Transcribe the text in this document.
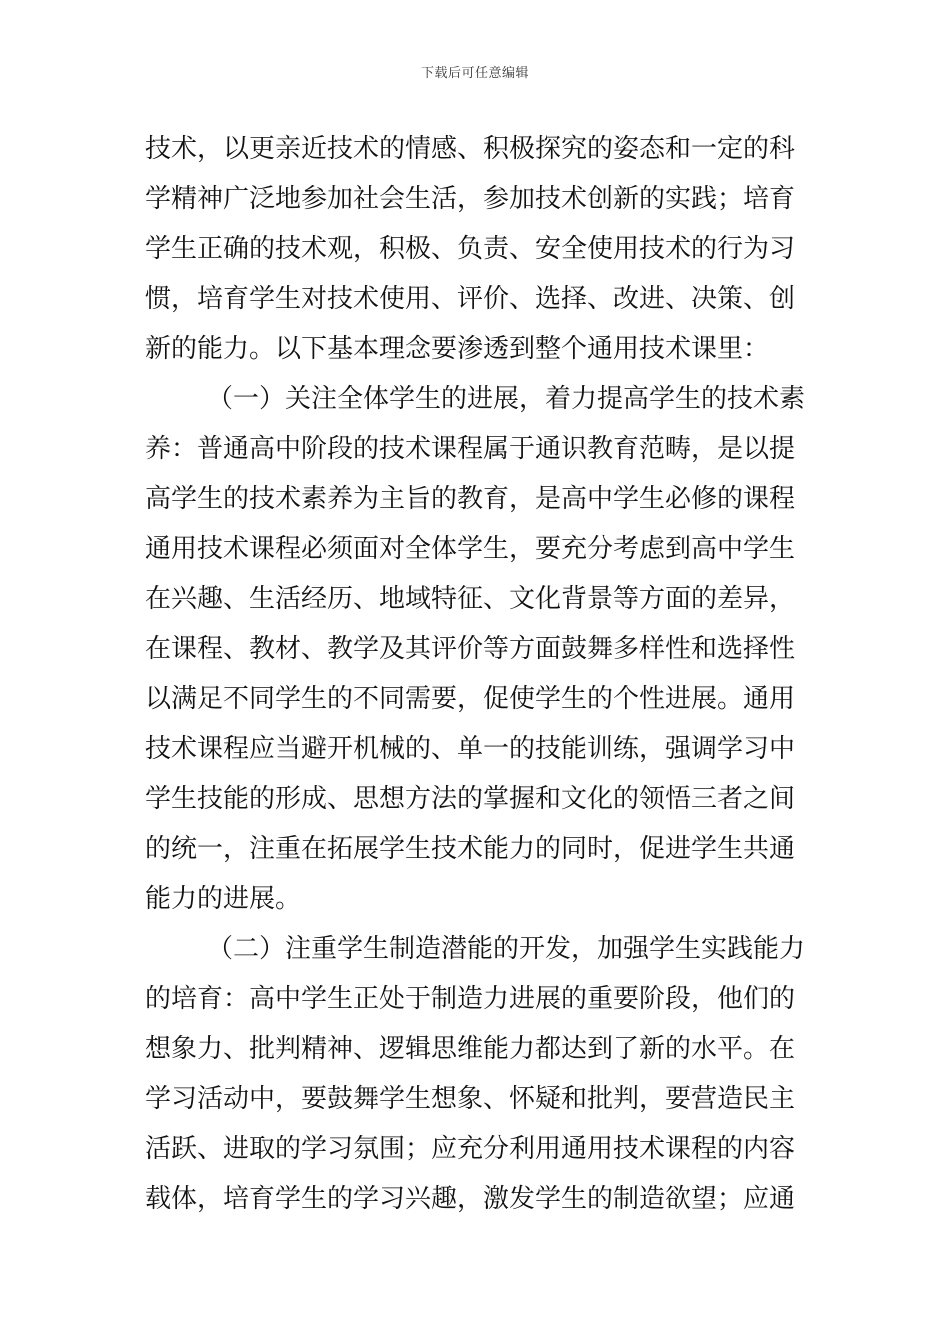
下载后可任意编辑
技术，以更亲近技术的情感、积极探究的姿态和一定的科
学精神广泛地参加社会生活，参加技术创新的实践；培育
学生正确的技术观，积极、负责、安全使用技术的行为习
惯，培育学生对技术使用、评价、选择、改进、决策、创
新的能力。以下基本理念要渗透到整个通用技术课里：
（一）关注全体学生的进展，着力提高学生的技术素
养：普通高中阶段的技术课程属于通识教育范畴，是以提
高学生的技术素养为主旨的教育，是高中学生必修的课程
通用技术课程必须面对全体学生，要充分考虑到高中学生
在兴趣、生活经历、地域特征、文化背景等方面的差异，
在课程、教材、教学及其评价等方面鼓舞多样性和选择性
以满足不同学生的不同需要，促使学生的个性进展。通用
技术课程应当避开机械的、单一的技能训练，强调学习中
学生技能的形成、思想方法的掌握和文化的领悟三者之间
的统一，注重在拓展学生技术能力的同时，促进学生共通
能力的进展。
（二）注重学生制造潜能的开发，加强学生实践能力
的培育：高中学生正处于制造力进展的重要阶段，他们的
想象力、批判精神、逻辑思维能力都达到了新的水平。在
学习活动中，要鼓舞学生想象、怀疑和批判，要营造民主
活跃、进取的学习氛围；应充分利用通用技术课程的内容
载体，培育学生的学习兴趣，激发学生的制造欲望；应通
